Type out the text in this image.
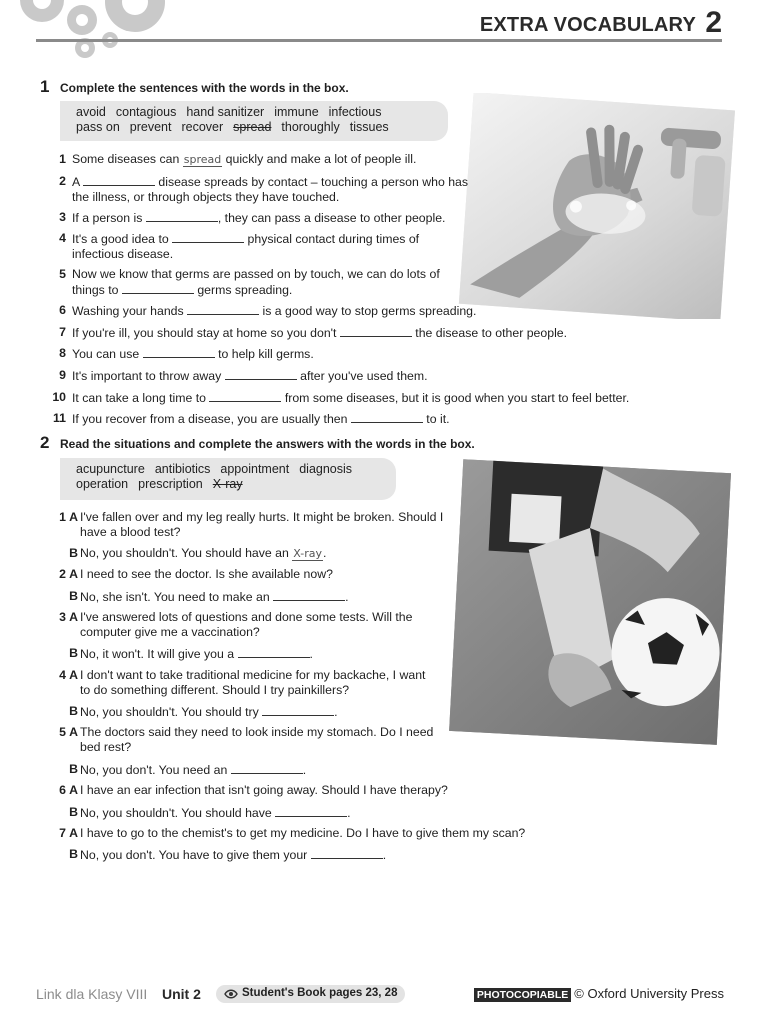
EXTRA VOCABULARY 2
1 Complete the sentences with the words in the box.
avoid contagious hand sanitizer immune infectious
pass on prevent recover spread thoroughly tissues
1 Some diseases can spread quickly and make a lot of people ill.
2 A	disease spreads by contact – touching a person who has
the illness, or through objects they have touched.
3 If a person is	, they can pass a disease to other people.
4 It's a good idea to	physical contact during times of
infectious disease.
5 Now we know that germs are passed on by touch, we can do lots of
things to	germs spreading.
6 Washing your hands	is a good way to stop germs spreading.
7 If you're ill, you should stay at home so you don't	the disease to other people.
8 You can use	to help kill germs.
9 It's important to throw away	after you've used them.
10 It can take a long time to	from some diseases, but it is good when you start to feel better.
11 If you recover from a disease, you are usually then	to it.
2 Read the situations and complete the answers with the words in the box.
acupuncture antibiotics appointment diagnosis
operation prescription X-ray
1 A I've fallen over and my leg really hurts. It might be broken. Should I
have a blood test?
B No, you shouldn't. You should have an X-ray.
2 A I need to see the doctor. Is she available now?
B No, she isn't. You need to make an	.
3 A I've answered lots of questions and done some tests. Will the
computer give me a vaccination?
B No, it won't. It will give you a	.
4 A I don't want to take traditional medicine for my backache, I want
to do something different. Should I try painkillers?
B No, you shouldn't. You should try	.
5 A The doctors said they need to look inside my stomach. Do I need
bed rest?
B No, you don't. You need an	.
6 A I have an ear infection that isn't going away. Should I have therapy?
B No, you shouldn't. You should have	.
7 A I have to go to the chemist's to get my medicine. Do I have to give them my scan?
B No, you don't. You have to give them your	.
Link dla Klasy VIII Unit 2	Student's Book pages 23, 28	PHOTOCOPIABLE © Oxford University Press
